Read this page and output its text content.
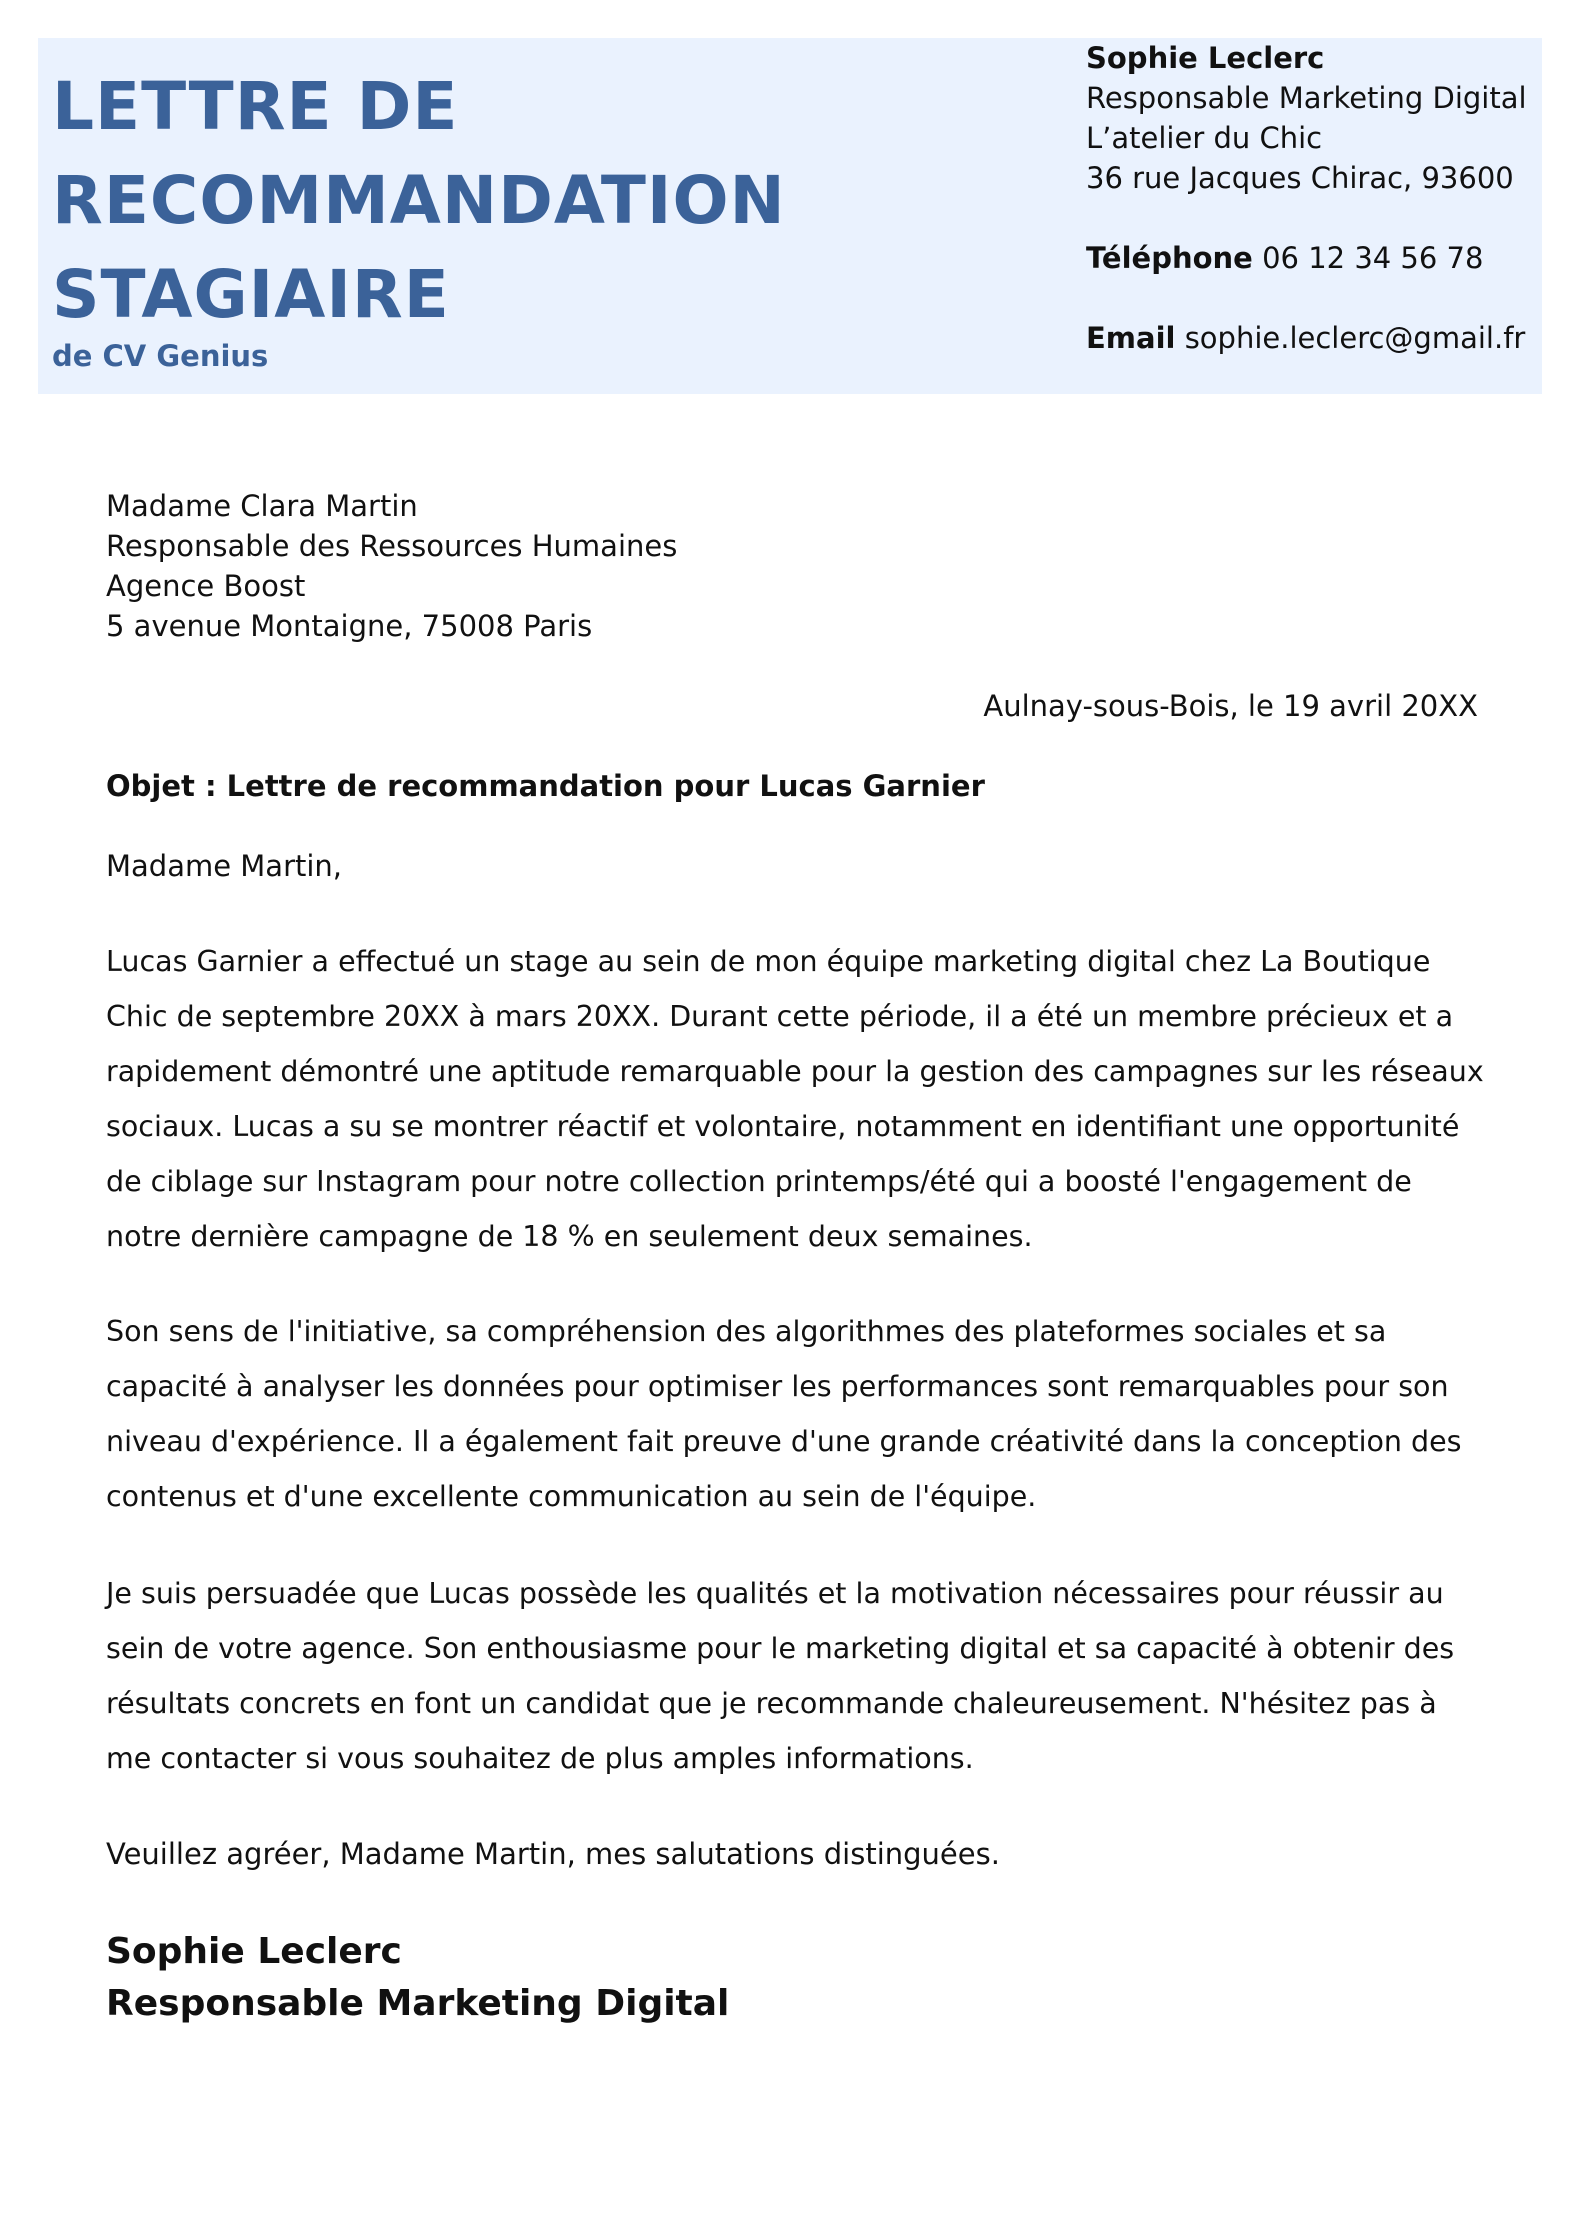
LETTRE DE
RECOMMANDATION
STAGIAIRE

de CV Genius

Sophie Leclerc
Responsable Marketing Digital
L’atelier du Chic
36 rue Jacques Chirac, 93600
Téléphone 06 12 34 56 78
Email sophie.leclerc@gmail.fr
Madame Clara Martin
Responsable des Ressources Humaines
Agence Boost
5 avenue Montaigne, 75008 Paris
Aulnay-sous-Bois, le 19 avril 20XX
Objet : Lettre de recommandation pour Lucas Garnier
Madame Martin,

Lucas Garnier a effectué un stage au sein de mon équipe marketing digital chez La Boutique Chic de septembre 20XX à mars 20XX. Durant cette période, il a été un membre précieux et a rapidement démontré une aptitude remarquable pour la gestion des campagnes sur les réseaux sociaux. Lucas a su se montrer réactif et volontaire, notamment en identifiant une opportunité de ciblage sur Instagram pour notre collection printemps/été qui a boosté l'engagement de notre dernière campagne de 18 % en seulement deux semaines.

Son sens de l'initiative, sa compréhension des algorithmes des plateformes sociales et sa capacité à analyser les données pour optimiser les performances sont remarquables pour son niveau d'expérience. Il a également fait preuve d'une grande créativité dans la conception des contenus et d'une excellente communication au sein de l'équipe.

Je suis persuadée que Lucas possède les qualités et la motivation nécessaires pour réussir au sein de votre agence. Son enthousiasme pour le marketing digital et sa capacité à obtenir des résultats concrets en font un candidat que je recommande chaleureusement. N'hésitez pas à me contacter si vous souhaitez de plus amples informations.

Veuillez agréer, Madame Martin, mes salutations distinguées.
Sophie Leclerc
Responsable Marketing Digital
